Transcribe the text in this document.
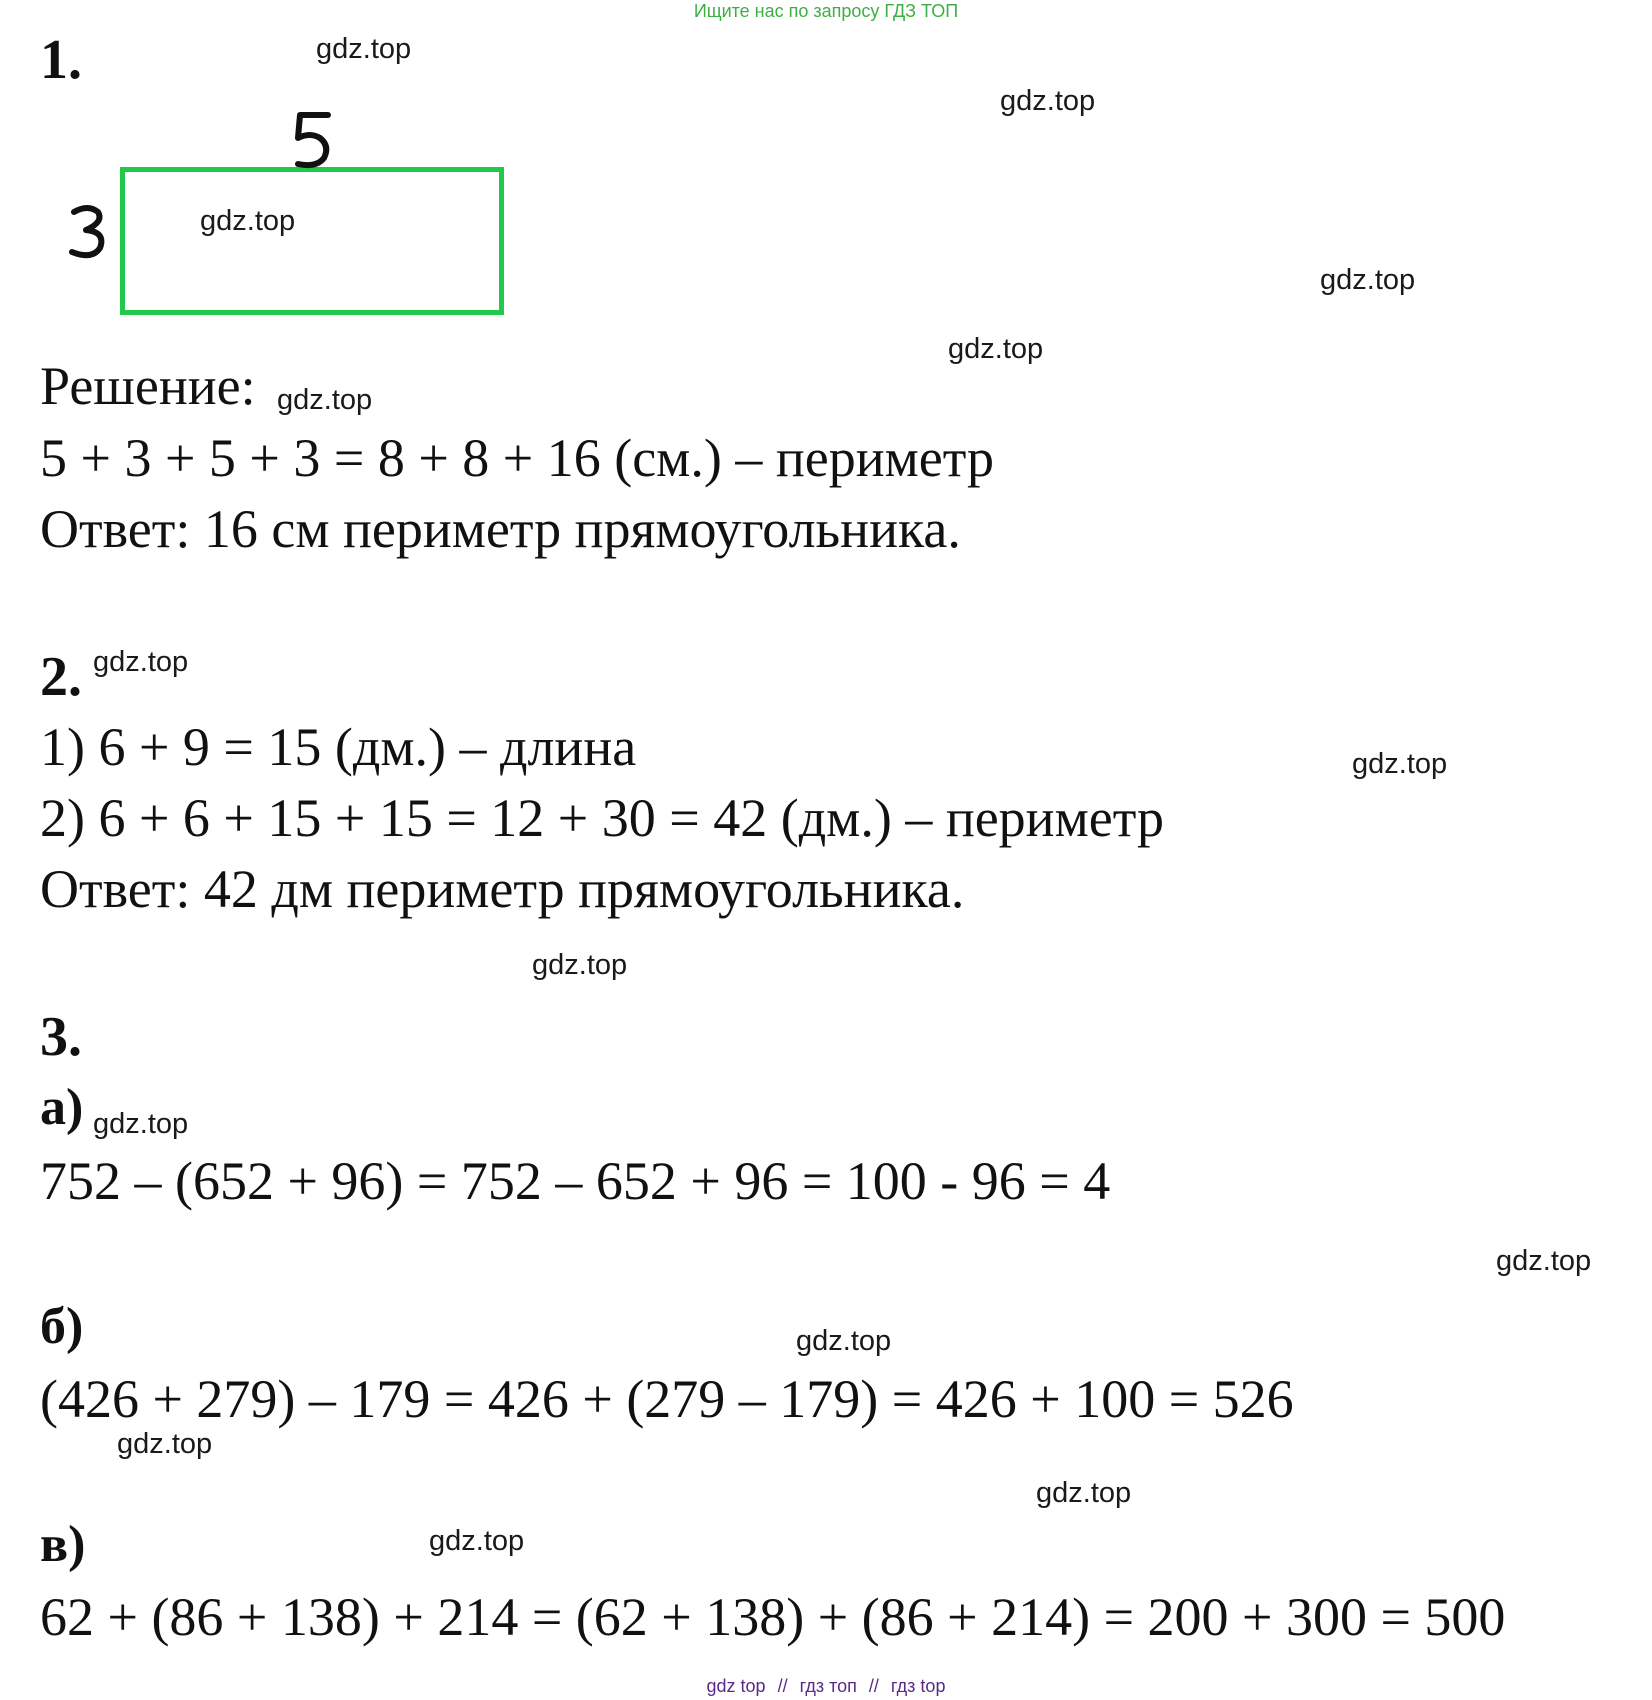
Ищите нас по запросу ГДЗ ТОП
1.
Решение:
5 + 3 + 5 + 3 = 8 + 8 + 16 (см.) – периметр
Ответ: 16 см периметр прямоугольника.
2.
1) 6 + 9 = 15 (дм.) – длина
2) 6 + 6 + 15 + 15 = 12 + 30 = 42 (дм.) – периметр
Ответ: 42 дм периметр прямоугольника.
3.
а)
752 – (652 + 96) = 752 – 652 + 96 = 100 - 96 = 4
б)
(426 + 279) – 179 = 426 + (279 – 179) = 426 + 100 = 526
в)
62 + (86 + 138) + 214 = (62 + 138) + (86 + 214) = 200 + 300 = 500
gdz.top
gdz.top
gdz.top
gdz.top
gdz.top
gdz.top
gdz.top
gdz.top
gdz.top
gdz.top
gdz.top
gdz.top
gdz.top
gdz.top
gdz.top
gdz top // гдз топ // гдз top
